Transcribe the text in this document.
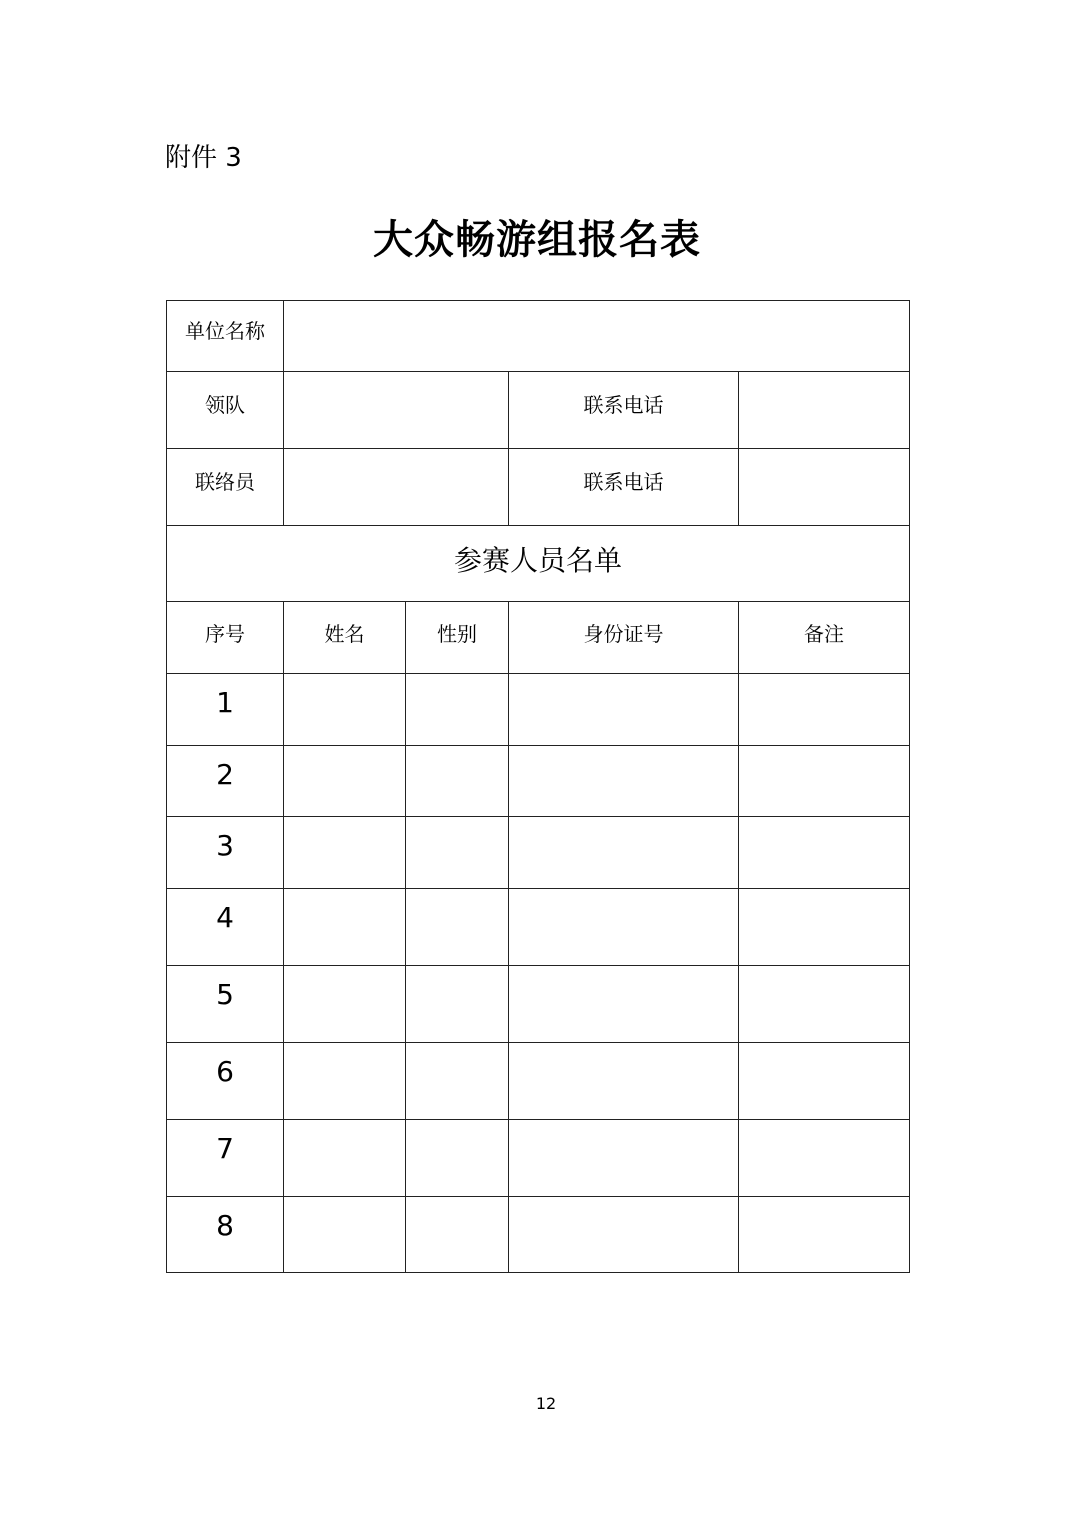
附件 3
大众畅游组报名表
单位名称				
领队			联系电话	
联络员			联系电话	
参赛人员名单				
序号	姓名	性别	身份证号	备注
1				
2				
3				
4				
5				
6				
7				
8				
12
